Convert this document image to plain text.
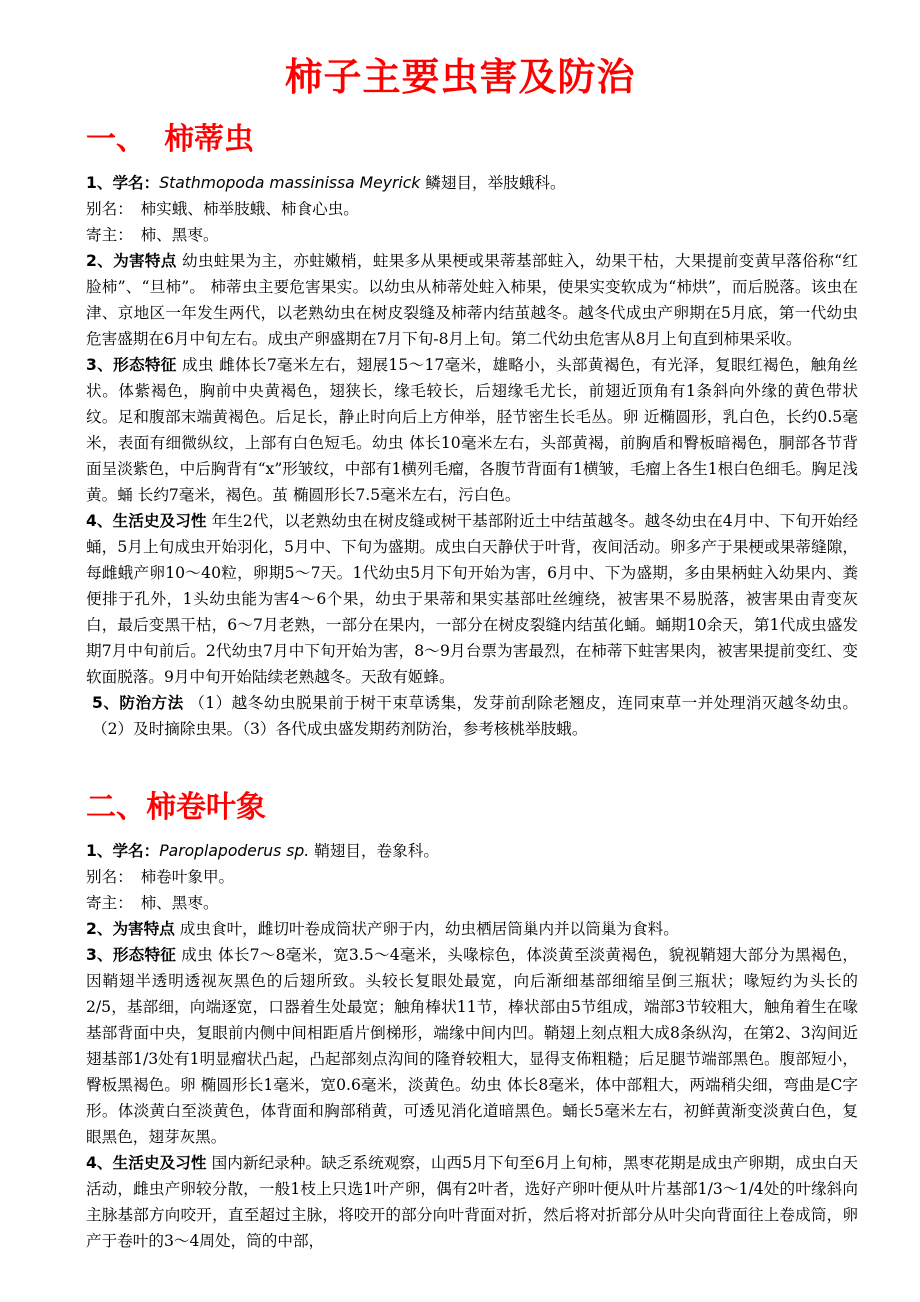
柿子主要虫害及防治
一、 柿蒂虫

1、学名：Stathmopoda massinissa Meyrick 鳞翅目，举肢蛾科。

别名：　柿实蛾、柿举肢蛾、柿食心虫。

寄主：　柿、黑枣。

2、为害特点 幼虫蛀果为主，亦蛀嫩梢，蛀果多从果梗或果蒂基部蛀入，幼果干枯，大果提前变黄早落俗称“红脸柿”、“旦柿”。 柿蒂虫主要危害果实。以幼虫从柿蒂处蛀入柿果，使果实变软成为“柿烘”，而后脱落。该虫在津、京地区一年发生两代，以老熟幼虫在树皮裂缝及柿蒂内结茧越冬。越冬代成虫产卵期在5月底，第一代幼虫危害盛期在6月中旬左右。成虫产卵盛期在7月下旬-8月上旬。第二代幼虫危害从8月上旬直到柿果采收。

3、形态特征 成虫 雌体长7毫米左右，翅展15～17毫米，雄略小，头部黄褐色，有光泽，复眼红褐色，触角丝状。体紫褐色，胸前中央黄褐色，翅狭长，缘毛较长，后翅缘毛尤长，前翅近顶角有1条斜向外缘的黄色带状纹。足和腹部末端黄褐色。后足长，静止时向后上方伸举，胫节密生长毛丛。卵 近椭圆形，乳白色，长约0.5毫米，表面有细微纵纹，上部有白色短毛。幼虫 体长10毫米左右，头部黄褐，前胸盾和臀板暗褐色，胴部各节背面呈淡紫色，中后胸背有“x”形皱纹，中部有1横列毛瘤，各腹节背面有1横皱，毛瘤上各生1根白色细毛。胸足浅黄。蛹 长约7毫米，褐色。茧 椭圆形长7.5毫米左右，污白色。

4、生活史及习性 年生2代，以老熟幼虫在树皮缝或树干基部附近土中结茧越冬。越冬幼虫在4月中、下旬开始经蛹，5月上旬成虫开始羽化，5月中、下旬为盛期。成虫白天静伏于叶背，夜间活动。卵多产于果梗或果蒂缝隙，每雌蛾产卵10～40粒，卵期5～7天。1代幼虫5月下旬开始为害，6月中、下为盛期，多由果柄蛀入幼果内、粪便排于孔外，1头幼虫能为害4～6个果，幼虫于果蒂和果实基部吐丝缠绕，被害果不易脱落，被害果由青变灰白，最后变黑干枯，6～7月老熟，一部分在果内，一部分在树皮裂缝内结茧化蛹。蛹期10余天，第1代成虫盛发期7月中旬前后。2代幼虫7月中下旬开始为害，8～9月台票为害最烈，在柿蒂下蛀害果肉，被害果提前变红、变软面脱落。9月中旬开始陆续老熟越冬。天敌有姬蜂。

5、防治方法 （1）越冬幼虫脱果前于树干束草诱集，发芽前刮除老翘皮，连同束草一并处理消灭越冬幼虫。（2）及时摘除虫果。（3）各代成虫盛发期药剂防治，参考核桃举肢蛾。

二、柿卷叶象

1、学名：Paroplapoderus sp. 鞘翅目，卷象科。

别名：　柿卷叶象甲。

寄主：　柿、黑枣。

2、为害特点 成虫食叶，雌切叶卷成筒状产卵于内，幼虫栖居筒巢内并以筒巢为食料。

3、形态特征 成虫 体长7～8毫米，宽3.5～4毫米，头喙棕色，体淡黄至淡黄褐色，貌视鞘翅大部分为黑褐色，因鞘翅半透明透视灰黑色的后翅所致。头较长复眼处最宽，向后渐细基部细缩呈倒三瓶状；喙短约为头长的2/5，基部细，向端逐宽，口器着生处最宽；触角棒状11节，棒状部由5节组成，端部3节较粗大，触角着生在喙基部背面中央，复眼前内侧中间相距盾片倒梯形，端缘中间内凹。鞘翅上刻点粗大成8条纵沟，在第2、3沟间近翅基部1/3处有1明显瘤状凸起，凸起部刻点沟间的隆脊较粗大，显得支佈粗糙；后足腿节端部黑色。腹部短小，臀板黑褐色。卵 椭圆形长1毫米，宽0.6毫米，淡黄色。幼虫 体长8毫米，体中部粗大，两端稍尖细，弯曲是C字形。体淡黄白至淡黄色，体背面和胸部稍黄，可透见消化道暗黑色。蛹长5毫米左右，初鲜黄渐变淡黄白色，复眼黑色，翅芽灰黑。

4、生活史及习性 国内新纪录种。缺乏系统观察，山西5月下旬至6月上旬柿，黑枣花期是成虫产卵期，成虫白天活动，雌虫产卵较分散，一般1枝上只选1叶产卵，偶有2叶者，选好产卵叶便从叶片基部1/3～1/4处的叶缘斜向主脉基部方向咬开，直至超过主脉，将咬开的部分向叶背面对折，然后将对折部分从叶尖向背面往上卷成筒，卵产于卷叶的3～4周处，筒的中部，
